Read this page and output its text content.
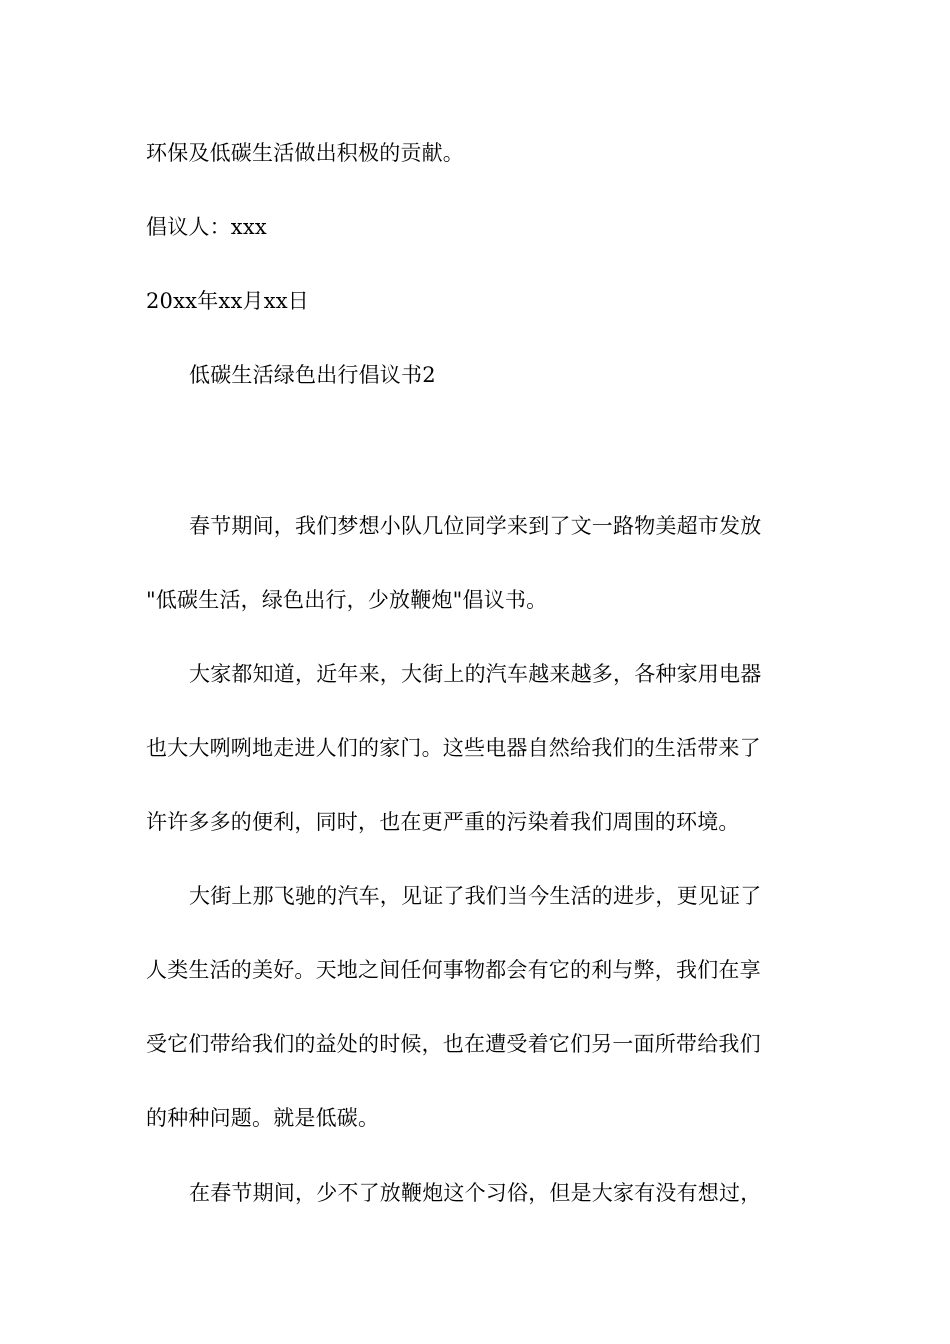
环保及低碳生活做出积极的贡献。
倡议人：xxx
20xx年xx月xx日
低碳生活绿色出行倡议书2
春节期间，我们梦想小队几位同学来到了文一路物美超市发放
"低碳生活，绿色出行，少放鞭炮"倡议书。
大家都知道，近年来，大街上的汽车越来越多，各种家用电器
也大大咧咧地走进人们的家门。这些电器自然给我们的生活带来了
许许多多的便利，同时，也在更严重的污染着我们周围的环境。
大街上那飞驰的汽车，见证了我们当今生活的进步，更见证了
人类生活的美好。天地之间任何事物都会有它的利与弊，我们在享
受它们带给我们的益处的时候，也在遭受着它们另一面所带给我们
的种种问题。就是低碳。
在春节期间，少不了放鞭炮这个习俗，但是大家有没有想过，
